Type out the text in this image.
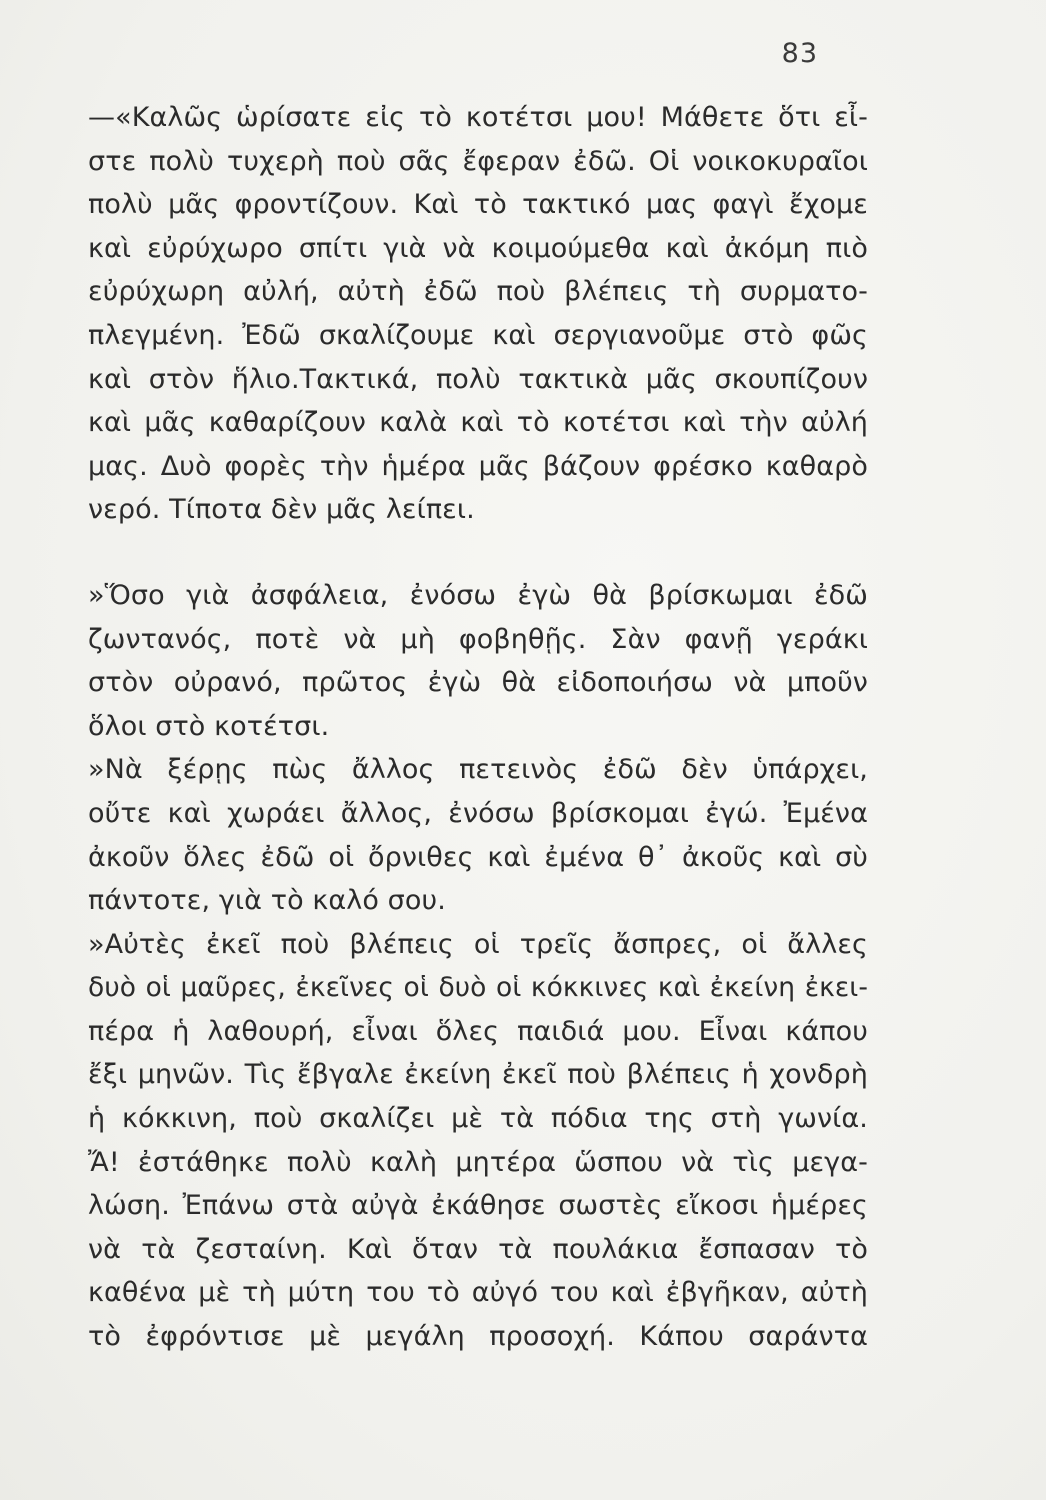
83
—«Καλῶς ὡρίσατε εἰς τὸ κοτέτσι μου! Μάθετε ὅτι εἶ-
στε πολὺ τυχερὴ ποὺ σᾶς ἔφεραν ἐδῶ. Οἱ νοικοκυραῖοι
πολὺ μᾶς φροντίζουν. Καὶ τὸ τακτικό μας φαγὶ ἔχομε
καὶ εὐρύχωρο σπίτι γιὰ νὰ κοιμούμεθα καὶ ἀκόμη πιὸ
εὐρύχωρη αὐλή, αὐτὴ ἐδῶ ποὺ βλέπεις τὴ συρματο-
πλεγμένη. Ἐδῶ σκαλίζουμε καὶ σεργιανοῦμε στὸ φῶς
καὶ στὸν ἥλιο.Τακτικά, πολὺ τακτικὰ μᾶς σκουπίζουν
καὶ μᾶς καθαρίζουν καλὰ καὶ τὸ κοτέτσι καὶ τὴν αὐλή
μας. Δυὸ φορὲς τὴν ἡμέρα μᾶς βάζουν φρέσκο καθαρὸ
νερό. Τίποτα δὲν μᾶς λείπει.
»Ὅσο γιὰ ἀσφάλεια, ἐνόσω ἐγὼ θὰ βρίσκωμαι ἐδῶ
ζωντανός, ποτὲ νὰ μὴ φοβηθῇς. Σὰν φανῇ γεράκι
στὸν οὐρανό, πρῶτος ἐγὼ θὰ εἰδοποιήσω νὰ μποῦν
ὅλοι στὸ κοτέτσι.
»Νὰ ξέρῃς πὼς ἄλλος πετεινὸς ἐδῶ δὲν ὑπάρχει,
οὔτε καὶ χωράει ἄλλος, ἐνόσω βρίσκομαι ἐγώ. Ἐμένα
ἀκοῦν ὅλες ἐδῶ οἱ ὄρνιθες καὶ ἐμένα θ᾽ ἀκοῦς καὶ σὺ
πάντοτε, γιὰ τὸ καλό σου.
»Αὐτὲς ἐκεῖ ποὺ βλέπεις οἱ τρεῖς ἄσπρες, οἱ ἄλλες
δυὸ οἱ μαῦρες, ἐκεῖνες οἱ δυὸ οἱ κόκκινες καὶ ἐκείνη ἐκει-
πέρα ἡ λαθουρή, εἶναι ὅλες παιδιά μου. Εἶναι κάπου
ἔξι μηνῶν. Τὶς ἔβγαλε ἐκείνη ἐκεῖ ποὺ βλέπεις ἡ χονδρὴ
ἡ κόκκινη, ποὺ σκαλίζει μὲ τὰ πόδια της στὴ γωνία.
Ἄ! ἐστάθηκε πολὺ καλὴ μητέρα ὥσπου νὰ τὶς μεγα-
λώση. Ἐπάνω στὰ αὐγὰ ἐκάθησε σωστὲς εἴκοσι ἡμέρες
νὰ τὰ ζεσταίνη. Καὶ ὅταν τὰ πουλάκια ἔσπασαν τὸ
καθένα μὲ τὴ μύτη του τὸ αὐγό του καὶ ἐβγῆκαν, αὐτὴ
τὸ ἐφρόντισε μὲ μεγάλη προσοχή. Κάπου σαράντα
